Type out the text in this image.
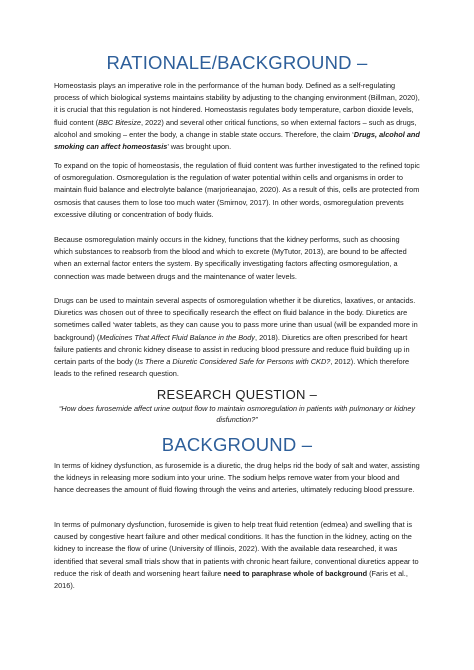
RATIONALE/BACKGROUND –

Homeostasis plays an imperative role in the performance of the human body. Defined as a self-regulating process of which biological systems maintains stability by adjusting to the changing environment (Billman, 2020), it is crucial that this regulation is not hindered. Homeostasis regulates body temperature, carbon dioxide levels, fluid content (BBC Bitesize, 2022) and several other critical functions, so when external factors – such as drugs, alcohol and smoking – enter the body, a change in stable state occurs. Therefore, the claim ‘Drugs, alcohol and smoking can affect homeostasis’ was brought upon.

To expand on the topic of homeostasis, the regulation of fluid content was further investigated to the refined topic of osmoregulation. Osmoregulation is the regulation of water potential within cells and organisms in order to maintain fluid balance and electrolyte balance (marjorieanajao, 2020). As a result of this, cells are protected from osmosis that causes them to lose too much water (Smirnov, 2017). In other words, osmoregulation prevents excessive diluting or concentration of body fluids.

Because osmoregulation mainly occurs in the kidney, functions that the kidney performs, such as choosing which substances to reabsorb from the blood and which to excrete (MyTutor, 2013), are bound to be affected when an external factor enters the system. By specifically investigating factors affecting osmoregulation, a connection was made between drugs and the maintenance of water levels.

Drugs can be used to maintain several aspects of osmoregulation whether it be diuretics, laxatives, or antacids. Diuretics was chosen out of three to specifically research the effect on fluid balance in the body. Diuretics are sometimes called ‘water tablets, as they can cause you to pass more urine than usual (will be expanded more in background) (Medicines That Affect Fluid Balance in the Body, 2018). Diuretics are often prescribed for heart failure patients and chronic kidney disease to assist in reducing blood pressure and reduce fluid building up in certain parts of the body (Is There a Diuretic Considered Safe for Persons with CKD?, 2012). Which therefore leads to the refined research question.

RESEARCH QUESTION –
“How does furosemide affect urine output flow to maintain osmoregulation in patients with pulmonary or kidney disfunction?”
BACKGROUND –

In terms of kidney dysfunction, as furosemide is a diuretic, the drug helps rid the body of salt and water, assisting the kidneys in releasing more sodium into your urine. The sodium helps remove water from your blood and hance decreases the amount of fluid flowing through the veins and arteries, ultimately reducing blood pressure.

In terms of pulmonary dysfunction, furosemide is given to help treat fluid retention (edmea) and swelling that is caused by congestive heart failure and other medical conditions. It has the function in the kidney, acting on the kidney to increase the flow of urine (University of Illinois, 2022). With the available data researched, it was identified that several small trials show that in patients with chronic heart failure, conventional diuretics appear to reduce the risk of death and worsening heart failure need to paraphrase whole of background (Faris et al., 2016).
